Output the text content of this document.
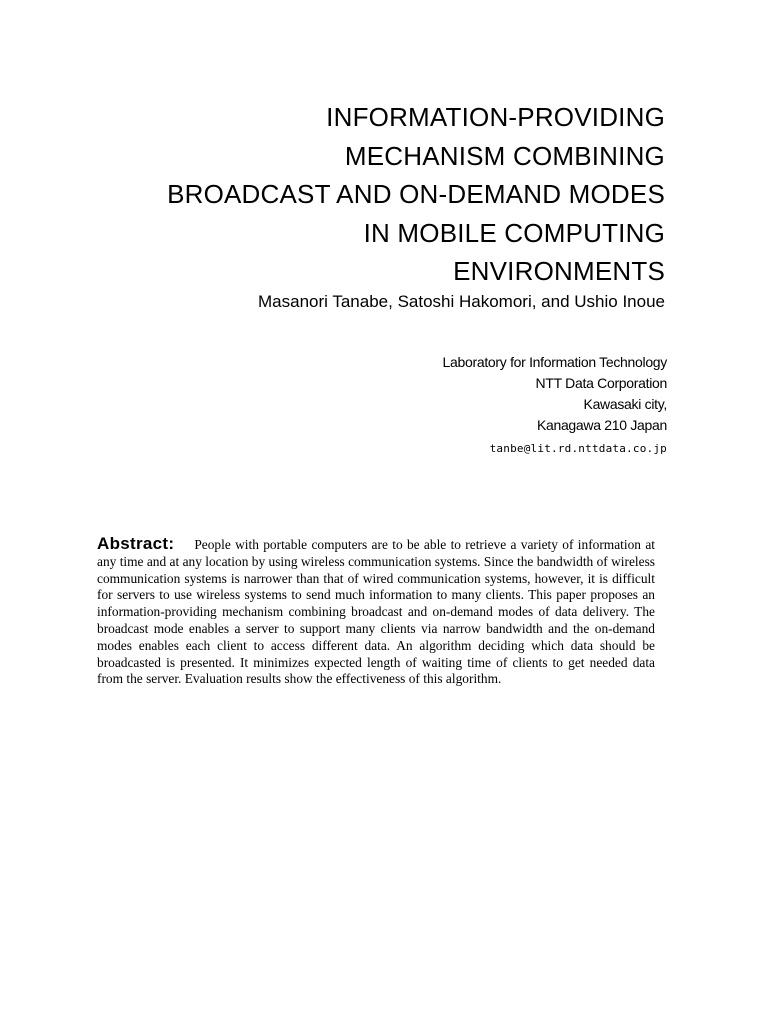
INFORMATION-PROVIDING
MECHANISM COMBINING
BROADCAST AND ON-DEMAND MODES
IN MOBILE COMPUTING
ENVIRONMENTS
Masanori Tanabe, Satoshi Hakomori, and Ushio Inoue
Laboratory for Information Technology
NTT Data Corporation
Kawasaki city,
Kanagawa 210 Japan
tanbe@lit.rd.nttdata.co.jp
Abstract: People with portable computers are to be able to retrieve a variety of information at any time and at any location by using wireless communication systems. Since the bandwidth of wireless communication systems is narrower than that of wired communication systems, however, it is difficult for servers to use wireless systems to send much information to many clients. This paper proposes an information-providing mechanism combining broadcast and on-demand modes of data delivery. The broadcast mode enables a server to support many clients via narrow bandwidth and the on-demand modes enables each client to access different data. An algorithm deciding which data should be broadcasted is presented. It minimizes expected length of waiting time of clients to get needed data from the server. Evaluation results show the effectiveness of this algorithm.
